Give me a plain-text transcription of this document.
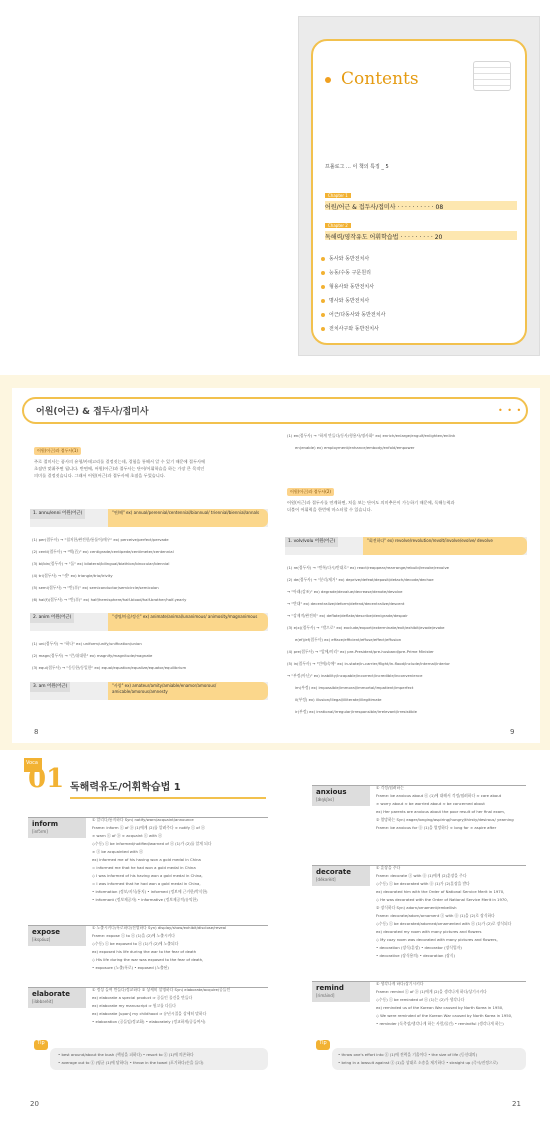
Contents
프롤로그 … 이 책의 특징 _ 5
Chapter 1
어원/어근 & 접두사/접미사 · · · · · · · · · · 08
Chapter 2
독해력/영작유도 어휘학습법 · · · · · · · · · 20
동사와 동반전치사
능동/수동 구문원리
형용사와 동반전치사
명사와 동반전치사
어근/다동사와 동반전치사
전치사구와 동반전치사
어원(어근) & 접두사/접미사	• • •
어원(어근)과 접두사(1)
주로 접미사는 품사의 유형/카테고리를 결정짓는데, 경험을 통해서 알 수 있기 때문에 접두사에
초점만 맞춰주면 됩니다. 반면에, 어원(어근)과 접두사는 단어/어휘학습을 하는 가장 큰 목적인
의미를 결정짓습니다. 그래서 어원(어근)과 접두사에 초점을 두었습니다.
1. annu/enni 어원(어근)	"연/해" ex) annual/perennial/centennial/biannual/ triennial/biennial/annals
(1) per(접두사) → "철저한/완전한/통틀어/매우" ex) perceive/perfect/pervade
(2) centi(접두사) → "백(百)" ex) centigrade/centipede/centimeter/centennial
(3) bi/bin(접두사) → "둘" ex) bilateral/bilingual/biathlon/binocular/biennial
(4) tri(접두사) → "셋" ex) triangle/trio/trivity
(5) semi(접두사) → "반(半)" ex) semiconductor/semicircle/semicolon
(6) hal(f)(접두사) → "반(半)" ex) half/hemisphere/half-blood/half-brother/half-yearly
2. anim 어원(어근)	"생명/마음/정신" ex) animate/animal/unanimous/ animosity/magnanimous
(1) uni(접두사) → "하나" ex) uniform/unify/unification/union
(2) magn(접두사) → "큰/위대한" ex) magnify/magnitude/magnate
(3) equi(접두사) → "동등한/동일한" ex) equal/equation/equalize/equator/equilibrium
3. am 어원(어근)	"사랑" ex) amateur/amity/amiable/enamor/amorous/ amicable/amorous/amnesty
8
(1) en(접두사) → "하게 만들다/동사/형용사/명사화" ex) enrich/enlarge/engulf/enlighten/enlink
en(enable) ex) employment/enhance/embody/enfold/empower
어원(어근)과 접두사(2)
어원(어근)과 접두사를 연계하면, 처음 보는 단어도 의미추론이 가능하기 때문에, 독해능력과
더불어 어휘력을 한번에 마스터할 수 있습니다.
1. volv/volu 어원(어근)	"회전하다" ex) revolve/revolution/revolt/involve/evolve/ devolve
(1) re(접두사) → "반복/다시/반대로" ex) react/reappear/rearrange/rebuild/revoke/revolve
(2) de(접두사) → "분리/제거" ex) deprive/defeat/deposit/detach/decode/dechoe
→ "아래(강조)" ex) degrade/devalue/decrease/denote/devolve
→ "반대" ex) decentralize/deform/defend/decentralize/descent
→ "강제적/완전히" ex) deflate/deflate/describe/denigrade/despair
(3) e(x)(접두사) → "밖으로" ex) exclude/export/exterminate/exit/exhibit/evade/evoke
e(ef)/ef(접두사) ex) efface/efficient/effuse/effect/effusion
(4) pre(접두사) → "앞에/미리" ex) pre-President/pre-husband/pre-Prime Minister
(5) in(접두사) → "안에/속에" ex) in-state/in-carrier/flight/in-flood/include/internal/interior
→ "부정(아닌)" ex) inability/incapable/incorrect/incredible/inconvenience
im(부정) ex) impossible/immoral/immortal/impatient/imperfect
il(부정) ex) illusion/illegal/illiterate/illegitimate
ir(부정) ex) irrational/irregular/irresponsible/irrelevant/irresistible
9
Voca
01 독해력유도/어휘학습법 1
inform
[infɔ́rm]
① 알리다/통지하다 Syn) notify/warn/acquaint/announce
Frame: inform ⓢ of ⓞ (1)에게 (2)를 알려주다 ≈ notify ⓢ of ⓞ
≈ warn ⓢ of ⓞ ≈ acquaint ⓢ with ⓞ
◇수동) ⓢ be informed/notified/warned of ⓞ (1)가 (2)를 알게 되다
≈ ⓢ be acquainted with ⓞ
ex) informed me of his having won a gold medal in China
= informed me that he had won a gold medal in China
◇ I was informed of his having won a gold medal in China,
= I was informed that he had won a gold medal in China,
• information (정보/지식/통지) • informed (정보에 근거한/박식한)
• informant (정보제공자) • informative (정보제공적/유익한)
expose
[ikspóuz]
① 노출시키다/폭로하다/진열하다 Syn) display/show/exhibit/disclose/reveal
Frame: expose ⓢ to ⓞ (1)을 (2)에 노출시키다
◇수동) ⓢ be exposed to ⓞ (1)가 (2)에 노출되다
ex) exposed his life during the war to the fear of death
◇ His life during the war was exposed to the fear of death,
• exposure (노출/폭로) • exposed (노출된)
elaborate
[ilǽbərèit]
① 정성 들여 만들다/정교하다 ② 상세히 설명하다 Syn) elaborate/acquire/공들인
ex) elaborate a special product ⇒ 공들인 물건을 만들다
ex) elaborate my manuscript ⇒ 원고를 다듬다
ex) elaborate [upon] my childhood ⇒ 유년시절을 상세히 말하다
• elaboration (공들임/정교화) • elaborately (정교하게/공들여서)
Tip
• best around/about the bush (핵심을 피하다) • resort to ⓢ (1)에 의존하다
• average out to ⓢ (평균 (1)에 달하다) • throw in the towel (포기하다/손을 들다)
20
anxious
[ǽŋkʃəs]
① 걱정/염려하는
Frame: be anxious about ⓞ (1)에 대해서 걱정/염려하다 ≈ care about
≈ worry about ≈ be worried about ≈ be concerned about
ex) Her parents are anxious about the poor result of her final exam,
② 열망하는 Syn) eager/longing/aspiring/hungry/thirsty/desirous/ yearning
Frame: be anxious for ⓞ (1)을 열망하다 ≈ long for ≈ aspire after
decorate
[dékərèit]
① 훈장을 주다
Frame: decorate ⓢ with ⓞ (1)에게 (2)훈장을 주다
◇수동) ⓢ be decorated with ⓞ (1)가 (2)훈장을 받다
ex) decorated him with the Order of National Service Merit in 1970,
◇ He was decorated with the Order of National Service Merit in 1970,
② 장식하다 Syn) adorn/ornament/embellish
Frame: decorate/adorn/ornament ⓢ with ⓞ (1)을 (2)로 장식하다
◇수동) ⓢ be decorated/adorned/ornamented with ⓞ (1)가 (2)로 장식되다
ex) decorated my room with many pictures and flowers
◇ My cozy room was decorated with many pictures and flowers,
• decoration (장식/훈장) • decorator (장식업자)
• decorative (장식용의) • decoration (장식)
remind
[rimáind]
① 생각나게 하다/상기시키다
Frame: remind ⓢ of ⓞ (1)에게 (2)을 생각나게 하다/상기시키다
◇수동) ⓢ be reminded of ⓞ (1)는 (2)가 생각나다
ex) reminded us of the Korean War caused by North Korea in 1950,
◇ We were reminded of the Korean War caused by North Korea in 1950,
• reminder (독촉장/생각나게 하는 사람/물건) • remindful (생각나게 하는)
Tip
• throw one's effort into ⓢ (1)에 전력을 기울이다 • the size of life (등신대의)
• bring in a lawsuit against ⓢ (1)을 상대로 소송을 제기하다 • straight up (즉시/진정으로)
21
